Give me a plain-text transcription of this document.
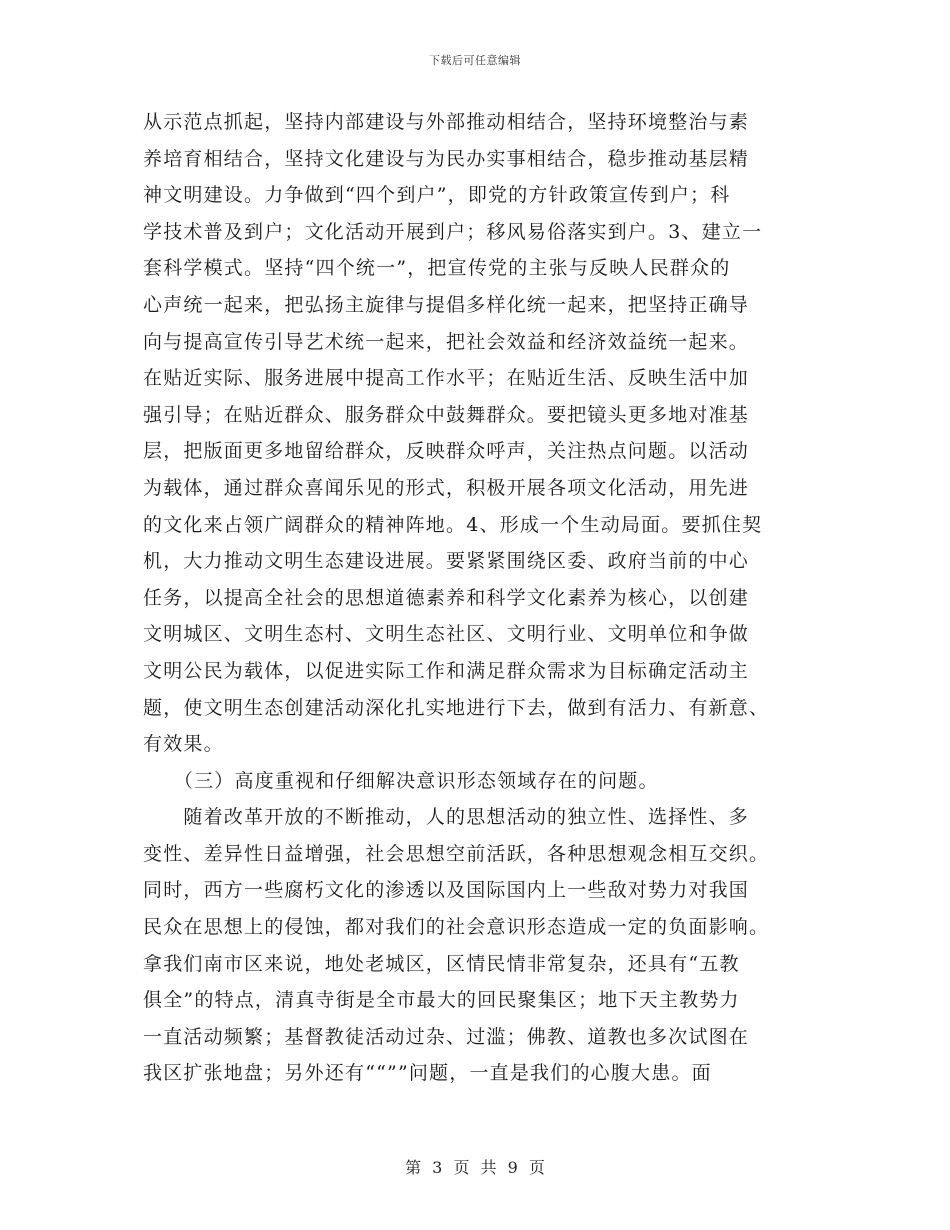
下载后可任意编辑
从示范点抓起，坚持内部建设与外部推动相结合，坚持环境整治与素
养培育相结合，坚持文化建设与为民办实事相结合，稳步推动基层精
神文明建设。力争做到“四个到户”，即党的方针政策宣传到户；科
学技术普及到户；文化活动开展到户；移风易俗落实到户。3、建立一
套科学模式。坚持“四个统一”，把宣传党的主张与反映人民群众的
心声统一起来，把弘扬主旋律与提倡多样化统一起来，把坚持正确导
向与提高宣传引导艺术统一起来，把社会效益和经济效益统一起来。
在贴近实际、服务进展中提高工作水平；在贴近生活、反映生活中加
强引导；在贴近群众、服务群众中鼓舞群众。要把镜头更多地对准基
层，把版面更多地留给群众，反映群众呼声，关注热点问题。以活动
为载体，通过群众喜闻乐见的形式，积极开展各项文化活动，用先进
的文化来占领广阔群众的精神阵地。4、形成一个生动局面。要抓住契
机，大力推动文明生态建设进展。要紧紧围绕区委、政府当前的中心
任务，以提高全社会的思想道德素养和科学文化素养为核心，以创建
文明城区、文明生态村、文明生态社区、文明行业、文明单位和争做
文明公民为载体，以促进实际工作和满足群众需求为目标确定活动主
题，使文明生态创建活动深化扎实地进行下去，做到有活力、有新意、
有效果。
　　（三）高度重视和仔细解决意识形态领域存在的问题。
　　随着改革开放的不断推动，人的思想活动的独立性、选择性、多
变性、差异性日益增强，社会思想空前活跃，各种思想观念相互交织。
同时，西方一些腐朽文化的渗透以及国际国内上一些敌对势力对我国
民众在思想上的侵蚀，都对我们的社会意识形态造成一定的负面影响。
拿我们南市区来说，地处老城区，区情民情非常复杂，还具有“五教
俱全”的特点，清真寺街是全市最大的回民聚集区；地下天主教势力
一直活动频繁；基督教徒活动过杂、过滥；佛教、道教也多次试图在
我区扩张地盘；另外还有““””问题，一直是我们的心腹大患。面
第 3 页 共 9 页
